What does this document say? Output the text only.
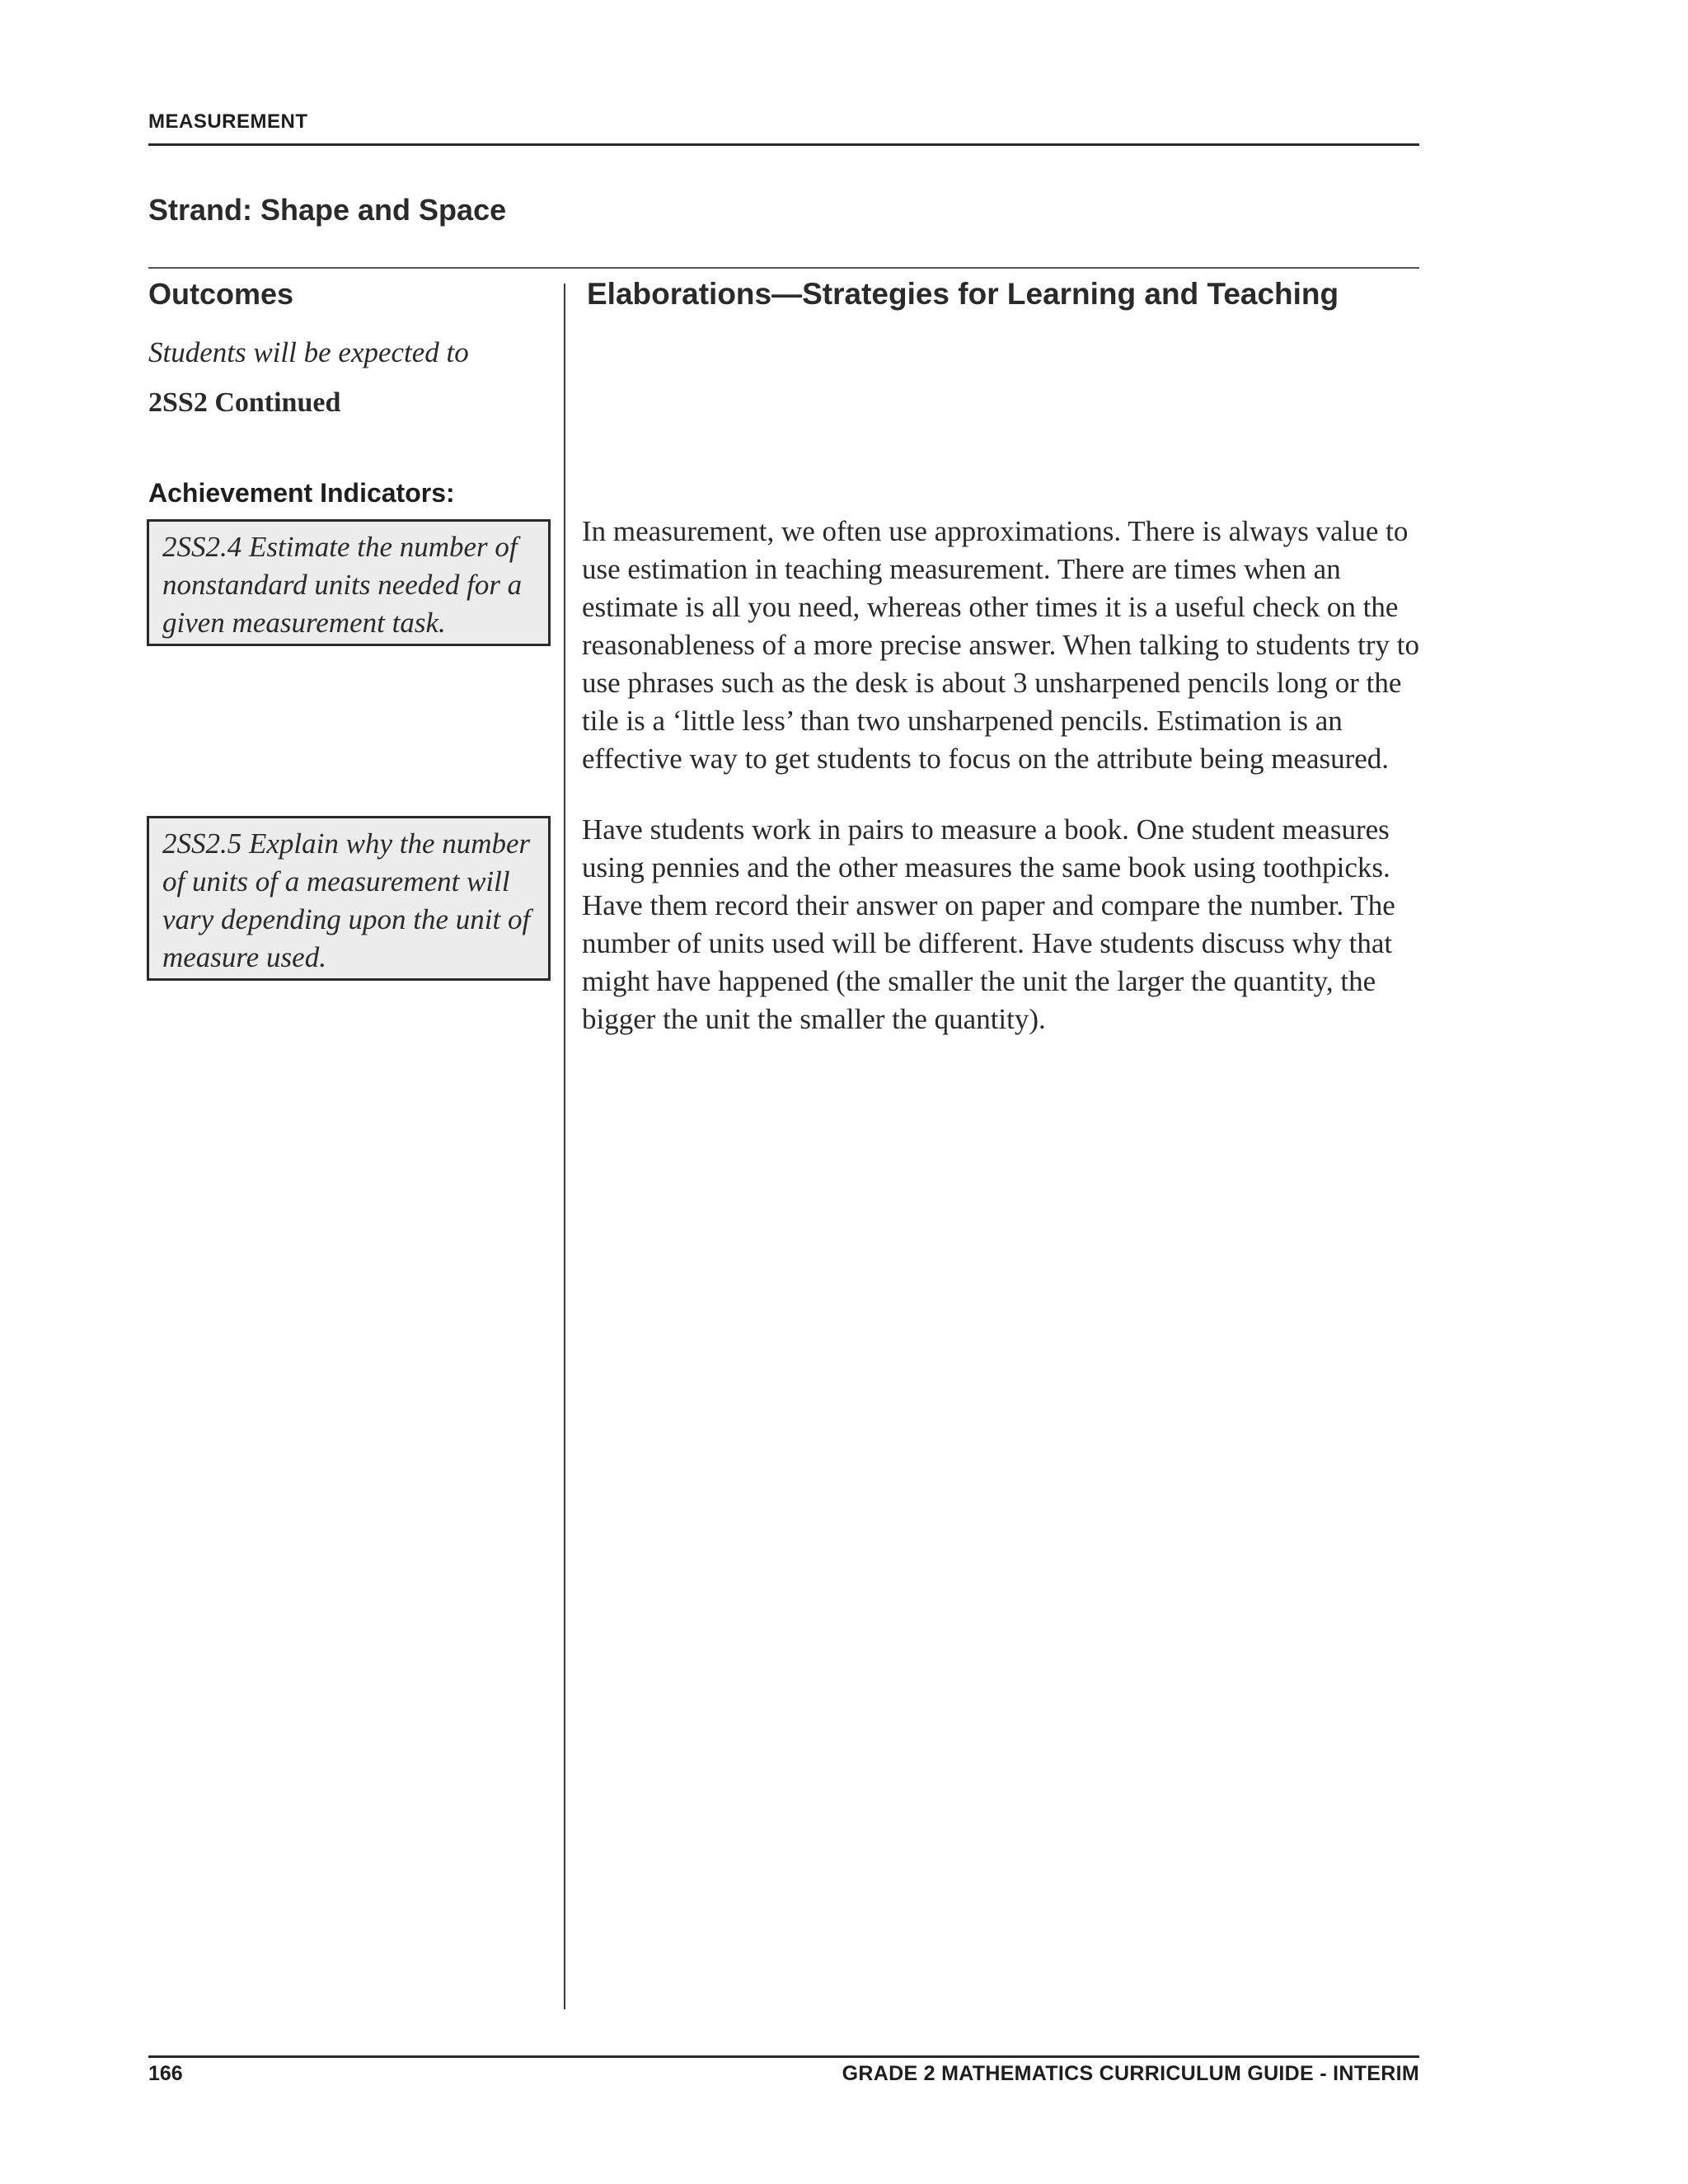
MEASUREMENT
Strand: Shape and Space
Outcomes
Students will be expected to
2SS2 Continued
Achievement Indicators:
2SS2.4 Estimate the number of nonstandard units needed for a given measurement task.
2SS2.5 Explain why the number of units of a measurement will vary depending upon the unit of measure used.
Elaborations—Strategies for Learning and Teaching
In measurement, we often use approximations. There is always value to use estimation in teaching measurement. There are times when an estimate is all you need, whereas other times it is a useful check on the reasonableness of a more precise answer. When talking to students try to use phrases such as the desk is about 3 unsharpened pencils long or the tile is a ‘little less’ than two unsharpened pencils. Estimation is an effective way to get students to focus on the attribute being measured.
Have students work in pairs to measure a book. One student measures using pennies and the other measures the same book using toothpicks. Have them record their answer on paper and compare the number. The number of units used will be different. Have students discuss why that might have happened (the smaller the unit the larger the quantity, the bigger the unit the smaller the quantity).
166	GRADE 2 MATHEMATICS CURRICULUM GUIDE - INTERIM
